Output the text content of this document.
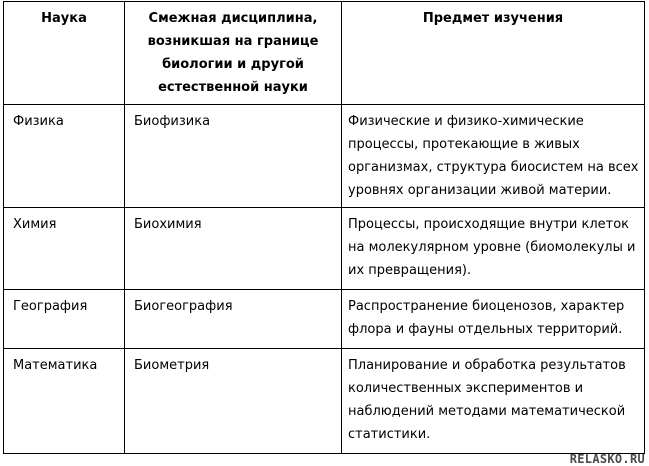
Наука	Смежная дисциплина, возникшая на границе биологии и другой естественной науки	Предмет изучения
Физика	Биофизика	Физические и физико-химические процессы, протекающие в живых организмах, структура биосистем на всех уровнях организации живой материи.
Химия	Биохимия	Процессы, происходящие внутри клеток на молекулярном уровне (биомолекулы и их превращения).
География	Биогеография	Распространение биоценозов, характер флора и фауны отдельных территорий.
Математика	Биометрия	Планирование и обработка результатов количественных экспериментов и наблюдений методами математической статистики.
RELASKO.RU
